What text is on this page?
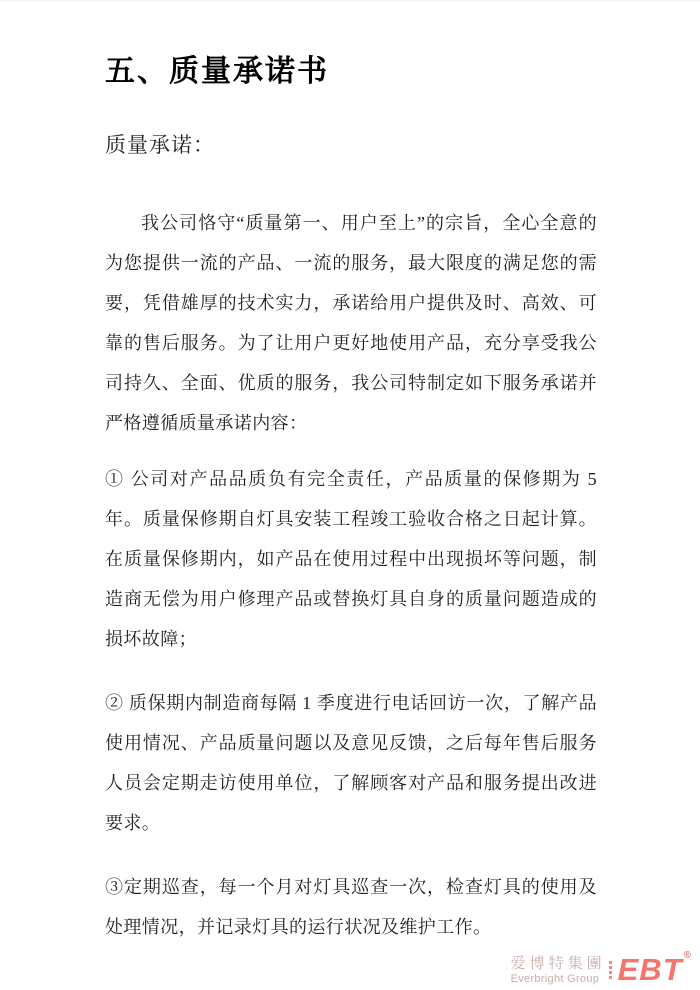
五、质量承诺书
质量承诺：

我公司恪守“质量第一、用户至上”的宗旨，全心全意的为您提供一流的产品、一流的服务，最大限度的满足您的需要，凭借雄厚的技术实力，承诺给用户提供及时、高效、可靠的售后服务。为了让用户更好地使用产品，充分享受我公司持久、全面、优质的服务，我公司特制定如下服务承诺并严格遵循质量承诺内容：

① 公司对产品品质负有完全责任，产品质量的保修期为 5 年。质量保修期自灯具安装工程竣工验收合格之日起计算。在质量保修期内，如产品在使用过程中出现损坏等问题，制造商无偿为用户修理产品或替换灯具自身的质量问题造成的损坏故障；

② 质保期内制造商每隔 1 季度进行电话回访一次，了解产品使用情况、产品质量问题以及意见反馈，之后每年售后服务人员会定期走访使用单位，了解顾客对产品和服务提出改进要求。

③定期巡查，每一个月对灯具巡查一次，检查灯具的使用及处理情况，并记录灯具的运行状况及维护工作。

爱博特集團
Everbright Group EBT®
